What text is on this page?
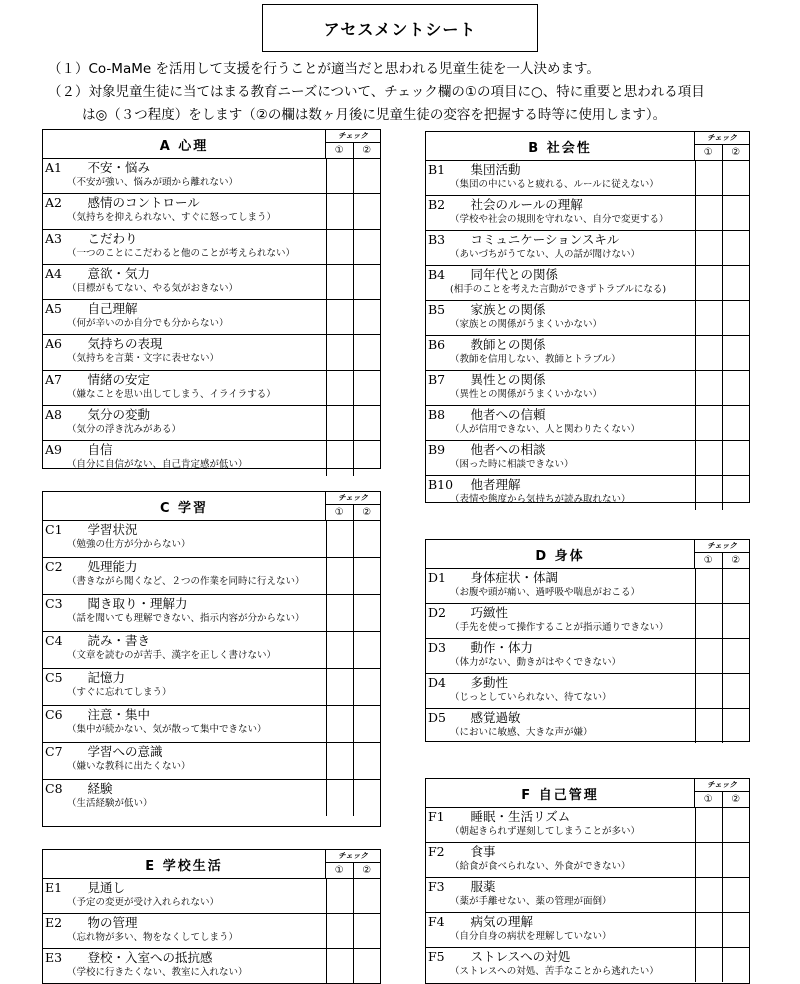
アセスメントシート
（１）Co-MaMe を活用して支援を行うことが適当だと思われる児童生徒を一人決めます。
（２）対象児童生徒に当てはまる教育ニーズについて、チェック欄の①の項目に○、特に重要と思われる項目
は◎（３つ程度）をします（②の欄は数ヶ月後に児童生徒の変容を把握する時等に使用します）。
A 心理
チェック
①	②
A1　 不安・悩み
（不安が強い、悩みが頭から離れない）
A2　 感情のコントロール
（気持ちを抑えられない、すぐに怒ってしまう）
A3　 こだわり
（一つのことにこだわると他のことが考えられない）
A4　 意欲・気力
（目標がもてない、やる気がおきない）
A5　 自己理解
（何が辛いのか自分でも分からない）
A6　 気持ちの表現
（気持ちを言葉・文字に表せない）
A7　 情緒の安定
（嫌なことを思い出してしまう、イライラする）
A8　 気分の変動
（気分の浮き沈みがある）
A9　 自信
（自分に自信がない、自己肯定感が低い）
B 社会性
チェック
①	②
B1　 集団活動
（集団の中にいると疲れる、ルールに従えない）
B2　 社会のルールの理解
（学校や社会の規則を守れない、自分で変更する）
B3　 コミュニケーションスキル
（あいづちがうてない、人の話が聞けない）
B4　 同年代との関係
(相手のことを考えた言動ができずトラブルになる)
B5　 家族との関係
（家族との関係がうまくいかない）
B6　 教師との関係
（教師を信用しない、教師とトラブル）
B7　 異性との関係
（異性との関係がうまくいかない）
B8　 他者への信頼
（人が信用できない、人と関わりたくない）
B9　 他者への相談
（困った時に相談できない）
B10　 他者理解
（表情や態度から気持ちが読み取れない）
C 学習
チェック
①	②
C1　 学習状況
（勉強の仕方が分からない）
C2　 処理能力
（書きながら聞くなど、２つの作業を同時に行えない）
C3　 聞き取り・理解力
（話を聞いても理解できない、指示内容が分からない）
C4　 読み・書き
（文章を読むのが苦手、漢字を正しく書けない）
C5　 記憶力
（すぐに忘れてしまう）
C6　 注意・集中
（集中が続かない、気が散って集中できない）
C7　 学習への意識
（嫌いな教科に出たくない）
C8　 経験
（生活経験が低い）
D 身体
チェック
①	②
D1　 身体症状・体調
（お腹や頭が痛い、過呼吸や喘息がおこる）
D2　 巧緻性
（手先を使って操作することが指示通りできない）
D3　 動作・体力
（体力がない、動きがはやくできない）
D4　 多動性
（じっとしていられない、待てない）
D5　 感覚過敏
（においに敏感、大きな声が嫌）
E 学校生活
チェック
①	②
E1　 見通し
（予定の変更が受け入れられない）
E2　 物の管理
（忘れ物が多い、物をなくしてしまう）
E3　 登校・入室への抵抗感
（学校に行きたくない、教室に入れない）
F 自己管理
チェック
①	②
F1　 睡眠・生活リズム
（朝起きられず遅刻してしまうことが多い）
F2　 食事
（給食が食べられない、外食ができない）
F3　 服薬
（薬が手離せない、薬の管理が面倒）
F4　 病気の理解
（自分自身の病状を理解していない）
F5　 ストレスへの対処
（ストレスへの対処、苦手なことから逃れたい）
